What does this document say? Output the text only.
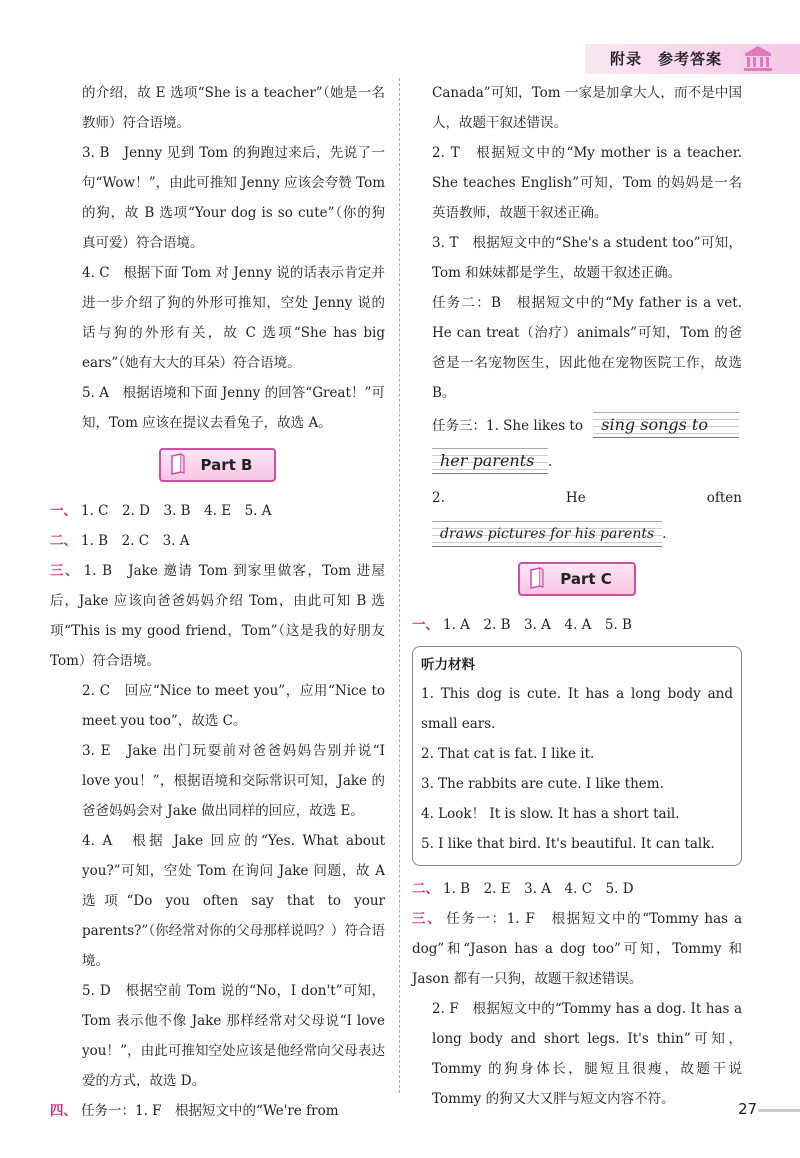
附录　参考答案

的介绍，故 E 选项“She is a teacher”（她是一名教师）符合语境。

3. B　Jenny 见到 Tom 的狗跑过来后，先说了一句“Wow！”，由此可推知 Jenny 应该会夸赞 Tom 的狗，故 B 选项“Your dog is so cute”（你的狗真可爱）符合语境。

4. C　根据下面 Tom 对 Jenny 说的话表示肯定并进一步介绍了狗的外形可推知，空处 Jenny 说的话与狗的外形有关，故 C 选项“She has big ears”（她有大大的耳朵）符合语境。

5. A　根据语境和下面 Jenny 的回答“Great！”可知，Tom 应该在提议去看兔子，故选 A。

Part B

一、 1. C　2. D　3. B　4. E　5. A

二、 1. B　2. C　3. A

三、 1. B　Jake 邀请 Tom 到家里做客，Tom 进屋后，Jake 应该向爸爸妈妈介绍 Tom，由此可知 B 选项“This is my good friend，Tom”（这是我的好朋友 Tom）符合语境。

2. C　回应“Nice to meet you”，应用“Nice to meet you too”，故选 C。

3. E　Jake 出门玩耍前对爸爸妈妈告别并说“I love you！”，根据语境和交际常识可知，Jake 的爸爸妈妈会对 Jake 做出同样的回应，故选 E。

4. A　根据 Jake 回应的“Yes. What about you?”可知，空处 Tom 在询问 Jake 问题，故 A 选项“Do you often say that to your parents?”（你经常对你的父母那样说吗？）符合语境。

5. D　根据空前 Tom 说的“No，I don't”可知，Tom 表示他不像 Jake 那样经常对父母说“I love you！”，由此可推知空处应该是他经常向父母表达爱的方式，故选 D。

四、 任务一：1. F　根据短文中的“We're from

Canada”可知，Tom 一家是加拿大人，而不是中国人，故题干叙述错误。

2. T　根据短文中的“My mother is a teacher. She teaches English”可知，Tom 的妈妈是一名英语教师，故题干叙述正确。

3. T　根据短文中的“She's a student too”可知，Tom 和妹妹都是学生，故题干叙述正确。

任务二：B　根据短文中的“My father is a vet. He can treat（治疗）animals”可知，Tom 的爸爸是一名宠物医生，因此他在宠物医院工作，故选 B。

任务三：1. She likes to sing songs to

her parents .

2. He often draws pictures for his parents .

Part C

一、 1. A　2. B　3. A　4. A　5. B

听力材料

1. This dog is cute. It has a long body and small ears.

2. That cat is fat. I like it.

3. The rabbits are cute. I like them.

4. Look！ It is slow. It has a short tail.

5. I like that bird. It's beautiful. It can talk.

二、 1. B　2. E　3. A　4. C　5. D

三、 任务一：1. F　根据短文中的“Tommy has a dog”和“Jason has a dog too”可知，Tommy 和 Jason 都有一只狗，故题干叙述错误。

2. F　根据短文中的“Tommy has a dog. It has a long body and short legs. It's thin”可知，Tommy 的狗身体长，腿短且很瘦，故题干说 Tommy 的狗又大又胖与短文内容不符。

27
